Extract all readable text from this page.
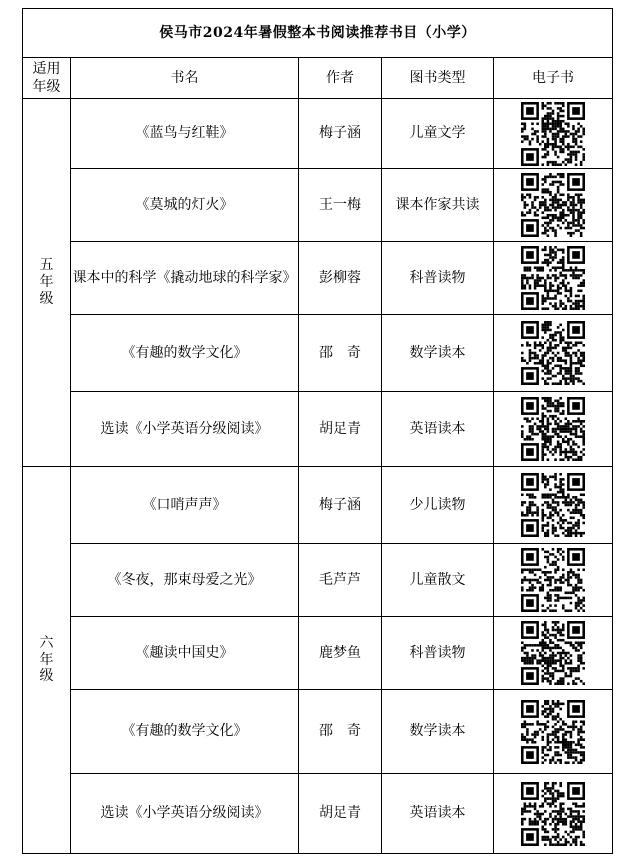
侯马市2024年暑假整本书阅读推荐书目（小学）				
适用年级	书名	作者	图书类型	电子书
五年级	《蓝鸟与红鞋》	梅子涵	儿童文学	

	《莫城的灯火》	王一梅	课本作家共读	

	课本中的科学《撬动地球的科学家》	彭柳蓉	科普读物	

	《有趣的数学文化》	邵　奇	数学读本	

	选读《小学英语分级阅读》	胡足青	英语读本	

六年级	《口哨声声》	梅子涵	少儿读物	

	《冬夜，那束母爱之光》	毛芦芦	儿童散文	

	《趣读中国史》	鹿梦鱼	科普读物	

	《有趣的数学文化》	邵　奇	数学读本	

	选读《小学英语分级阅读》	胡足青	英语读本	
